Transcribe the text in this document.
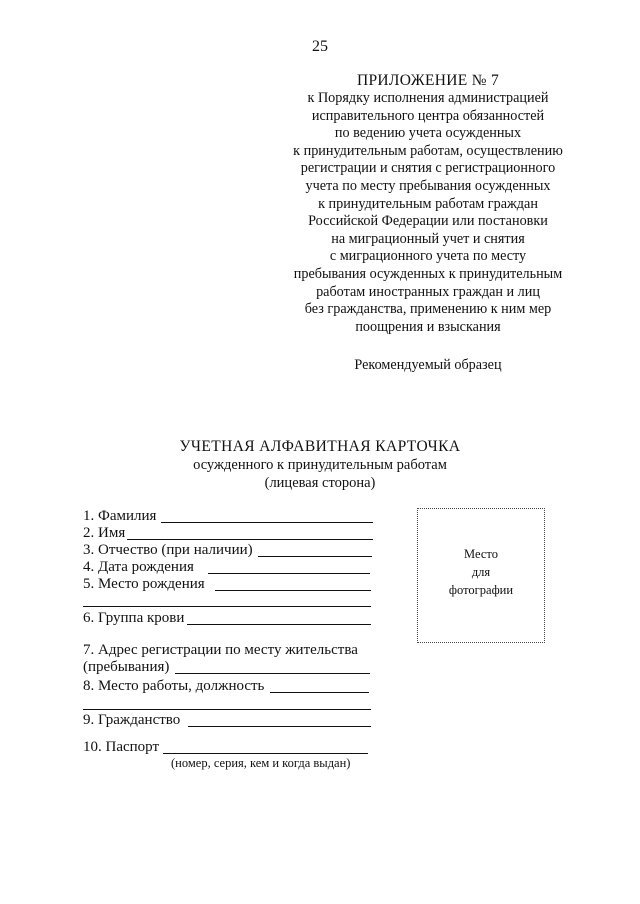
25
ПРИЛОЖЕНИЕ № 7
к Порядку исполнения администрацией
исправительного центра обязанностей
по ведению учета осужденных
к принудительным работам, осуществлению
регистрации и снятия с регистрационного
учета по месту пребывания осужденных
к принудительным работам граждан
Российской Федерации или постановки
на миграционный учет и снятия
с миграционного учета по месту
пребывания осужденных к принудительным
работам иностранных граждан и лиц
без гражданства, применению к ним мер
поощрения и взыскания
Рекомендуемый образец
УЧЕТНАЯ АЛФАВИТНАЯ КАРТОЧКА
осужденного к принудительным работам
(лицевая сторона)
1. Фамилия
2. Имя
3. Отчество (при наличии)
4. Дата рождения
5. Место рождения
6. Группа крови
7. Адрес регистрации по месту жительства
(пребывания)
8. Место работы, должность
9. Гражданство
10. Паспорт
(номер, серия, кем и когда выдан)
Место
для
фотографии
